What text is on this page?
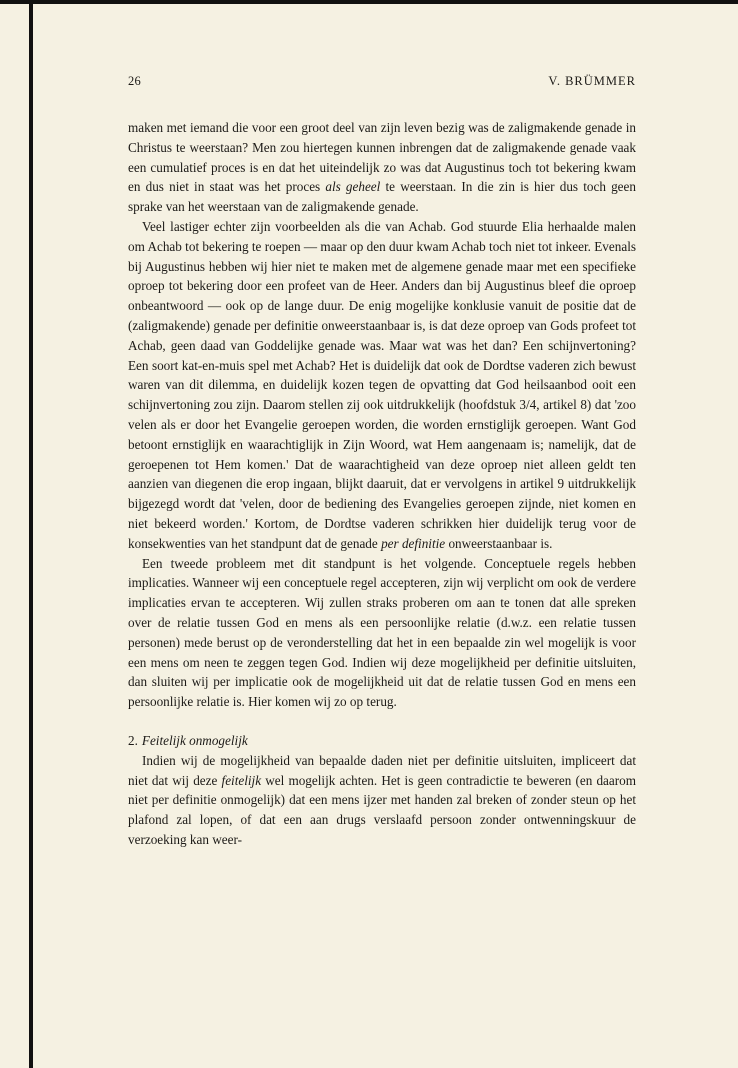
26	V. BRÜMMER

maken met iemand die voor een groot deel van zijn leven bezig was de zaligmakende genade in Christus te weerstaan? Men zou hiertegen kunnen inbrengen dat de zaligmakende genade vaak een cumulatief proces is en dat het uiteindelijk zo was dat Augustinus toch tot bekering kwam en dus niet in staat was het proces als geheel te weerstaan. In die zin is hier dus toch geen sprake van het weerstaan van de zaligmakende genade.

Veel lastiger echter zijn voorbeelden als die van Achab. God stuurde Elia herhaalde malen om Achab tot bekering te roepen — maar op den duur kwam Achab toch niet tot inkeer. Evenals bij Augustinus hebben wij hier niet te maken met de algemene genade maar met een specifieke oproep tot bekering door een profeet van de Heer. Anders dan bij Augustinus bleef die oproep onbeantwoord — ook op de lange duur. De enig mogelijke konklusie vanuit de positie dat de (zaligmakende) genade per definitie onweerstaanbaar is, is dat deze oproep van Gods profeet tot Achab, geen daad van Goddelijke genade was. Maar wat was het dan? Een schijnvertoning? Een soort kat-en-muis spel met Achab? Het is duidelijk dat ook de Dordtse vaderen zich bewust waren van dit dilemma, en duidelijk kozen tegen de opvatting dat God heilsaanbod ooit een schijnvertoning zou zijn. Daarom stellen zij ook uitdrukkelijk (hoofdstuk 3/4, artikel 8) dat 'zoo velen als er door het Evangelie geroepen worden, die worden ernstiglijk geroepen. Want God betoont ernstiglijk en waarachtiglijk in Zijn Woord, wat Hem aangenaam is; namelijk, dat de geroepenen tot Hem komen.' Dat de waarachtigheid van deze oproep niet alleen geldt ten aanzien van diegenen die erop ingaan, blijkt daaruit, dat er vervolgens in artikel 9 uitdrukkelijk bijgezegd wordt dat 'velen, door de bediening des Evangelies geroepen zijnde, niet komen en niet bekeerd worden.' Kortom, de Dordtse vaderen schrikken hier duidelijk terug voor de konsekwenties van het standpunt dat de genade per definitie onweerstaanbaar is.

Een tweede probleem met dit standpunt is het volgende. Conceptuele regels hebben implicaties. Wanneer wij een conceptuele regel accepteren, zijn wij verplicht om ook de verdere implicaties ervan te accepteren. Wij zullen straks proberen om aan te tonen dat alle spreken over de relatie tussen God en mens als een persoonlijke relatie (d.w.z. een relatie tussen personen) mede berust op de veronderstelling dat het in een bepaalde zin wel mogelijk is voor een mens om neen te zeggen tegen God. Indien wij deze mogelijkheid per definitie uitsluiten, dan sluiten wij per implicatie ook de mogelijkheid uit dat de relatie tussen God en mens een persoonlijke relatie is. Hier komen wij zo op terug.

2. Feitelijk onmogelijk

Indien wij de mogelijkheid van bepaalde daden niet per definitie uitsluiten, impliceert dat niet dat wij deze feitelijk wel mogelijk achten. Het is geen contradictie te beweren (en daarom niet per definitie onmogelijk) dat een mens ijzer met handen zal breken of zonder steun op het plafond zal lopen, of dat een aan drugs verslaafd persoon zonder ontwenningskuur de verzoeking kan weer-
